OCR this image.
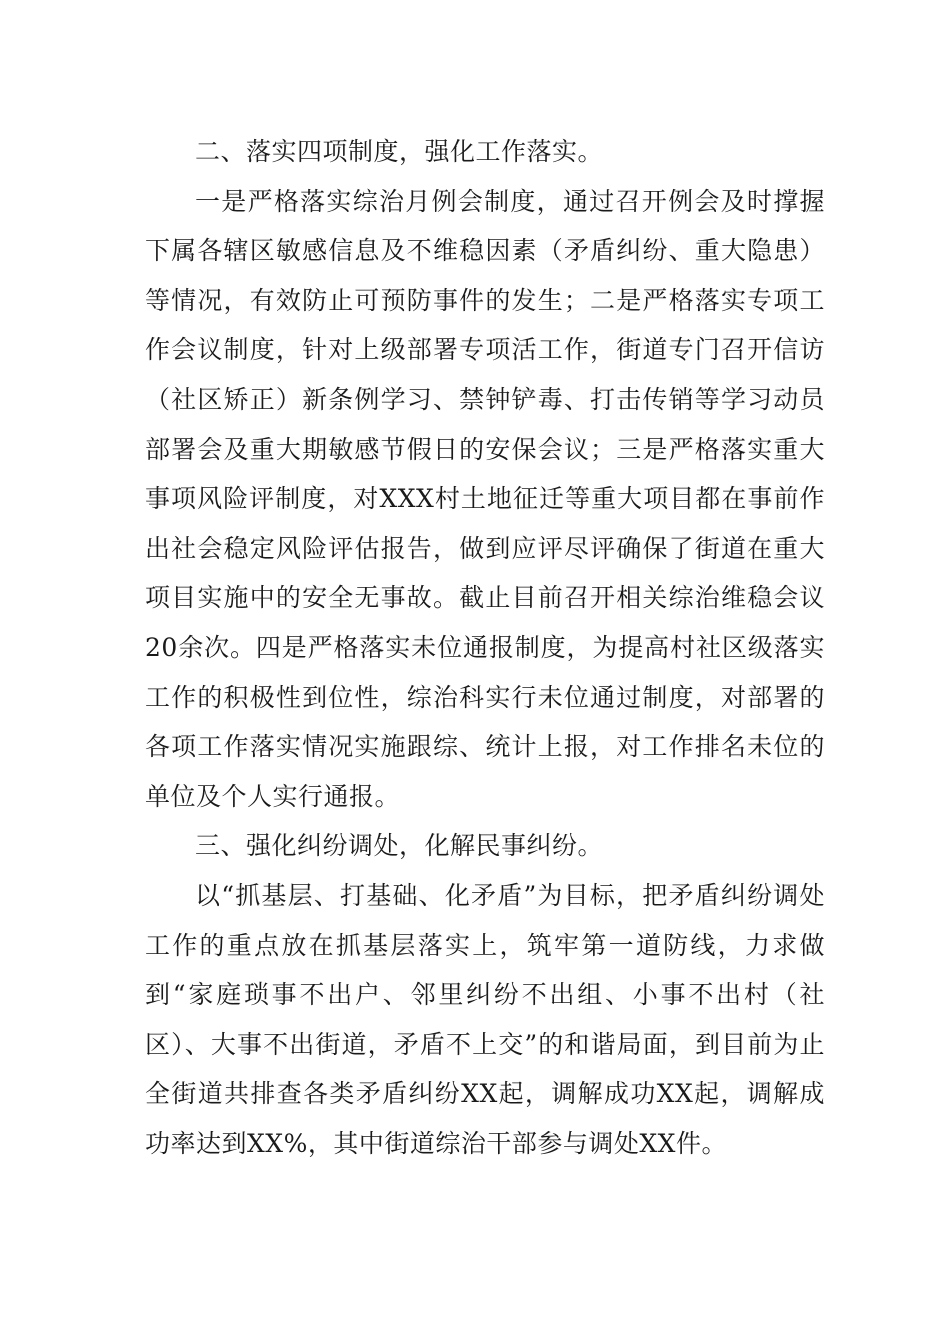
二、落实四项制度，强化工作落实。

一是严格落实综治月例会制度，通过召开例会及时撑握下属各辖区敏感信息及不维稳因素（矛盾纠纷、重大隐患）等情况，有效防止可预防事件的发生；二是严格落实专项工作会议制度，针对上级部署专项活工作，街道专门召开信访（社区矫正）新条例学习、禁钟铲毒、打击传销等学习动员部署会及重大期敏感节假日的安保会议；三是严格落实重大事项风险评制度，对XXX村土地征迁等重大项目都在事前作出社会稳定风险评估报告，做到应评尽评确保了街道在重大项目实施中的安全无事故。截止目前召开相关综治维稳会议20余次。四是严格落实未位通报制度，为提高村社区级落实工作的积极性到位性，综治科实行未位通过制度，对部署的各项工作落实情况实施跟综、统计上报，对工作排名未位的单位及个人实行通报。

三、强化纠纷调处，化解民事纠纷。

以“抓基层、打基础、化矛盾”为目标，把矛盾纠纷调处工作的重点放在抓基层落实上，筑牢第一道防线，力求做到“家庭琐事不出户、邻里纠纷不出组、小事不出村（社区）、大事不出街道，矛盾不上交”的和谐局面，到目前为止全街道共排查各类矛盾纠纷XX起，调解成功XX起，调解成功率达到XX%，其中街道综治干部参与调处XX件。
